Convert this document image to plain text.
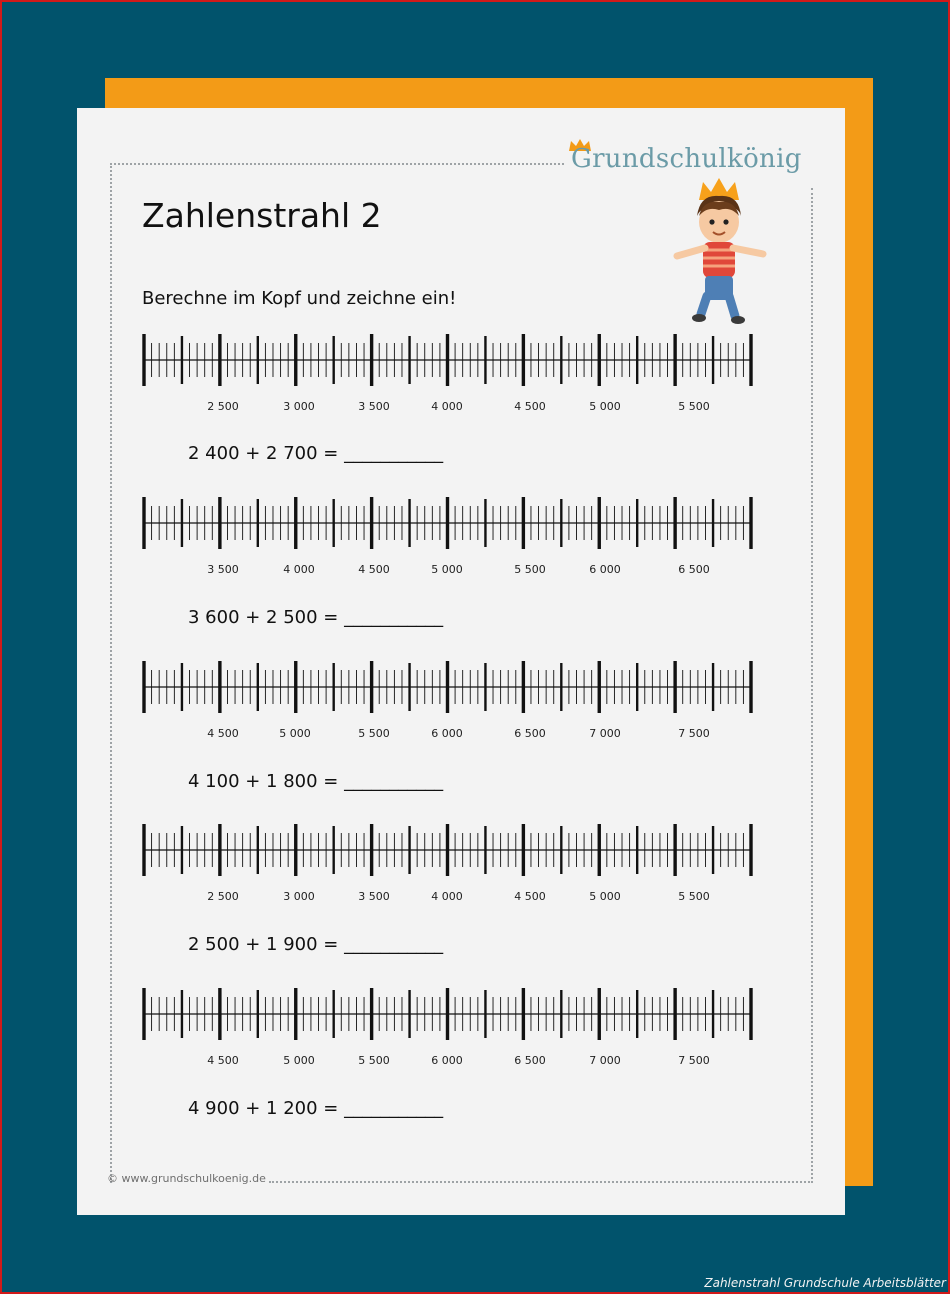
Grundschulkönig
Zahlenstrahl 2
Berechne im Kopf und zeichne ein!
2 500	3 000	3 500	4 000	4 500	5 000	5 500
2 400 + 2 700 = ___________
3 500	4 000	4 500	5 000	5 500	6 000	6 500
3 600 + 2 500 = ___________
4 500	5 000	5 500	6 000	6 500	7 000	7 500
4 100 + 1 800 = ___________
2 500	3 000	3 500	4 000	4 500	5 000	5 500
2 500 + 1 900 = ___________
4 500	5 000	5 500	6 000	6 500	7 000	7 500
4 900 + 1 200 = ___________
© www.grundschulkoenig.de
Zahlenstrahl Grundschule Arbeitsblätter
